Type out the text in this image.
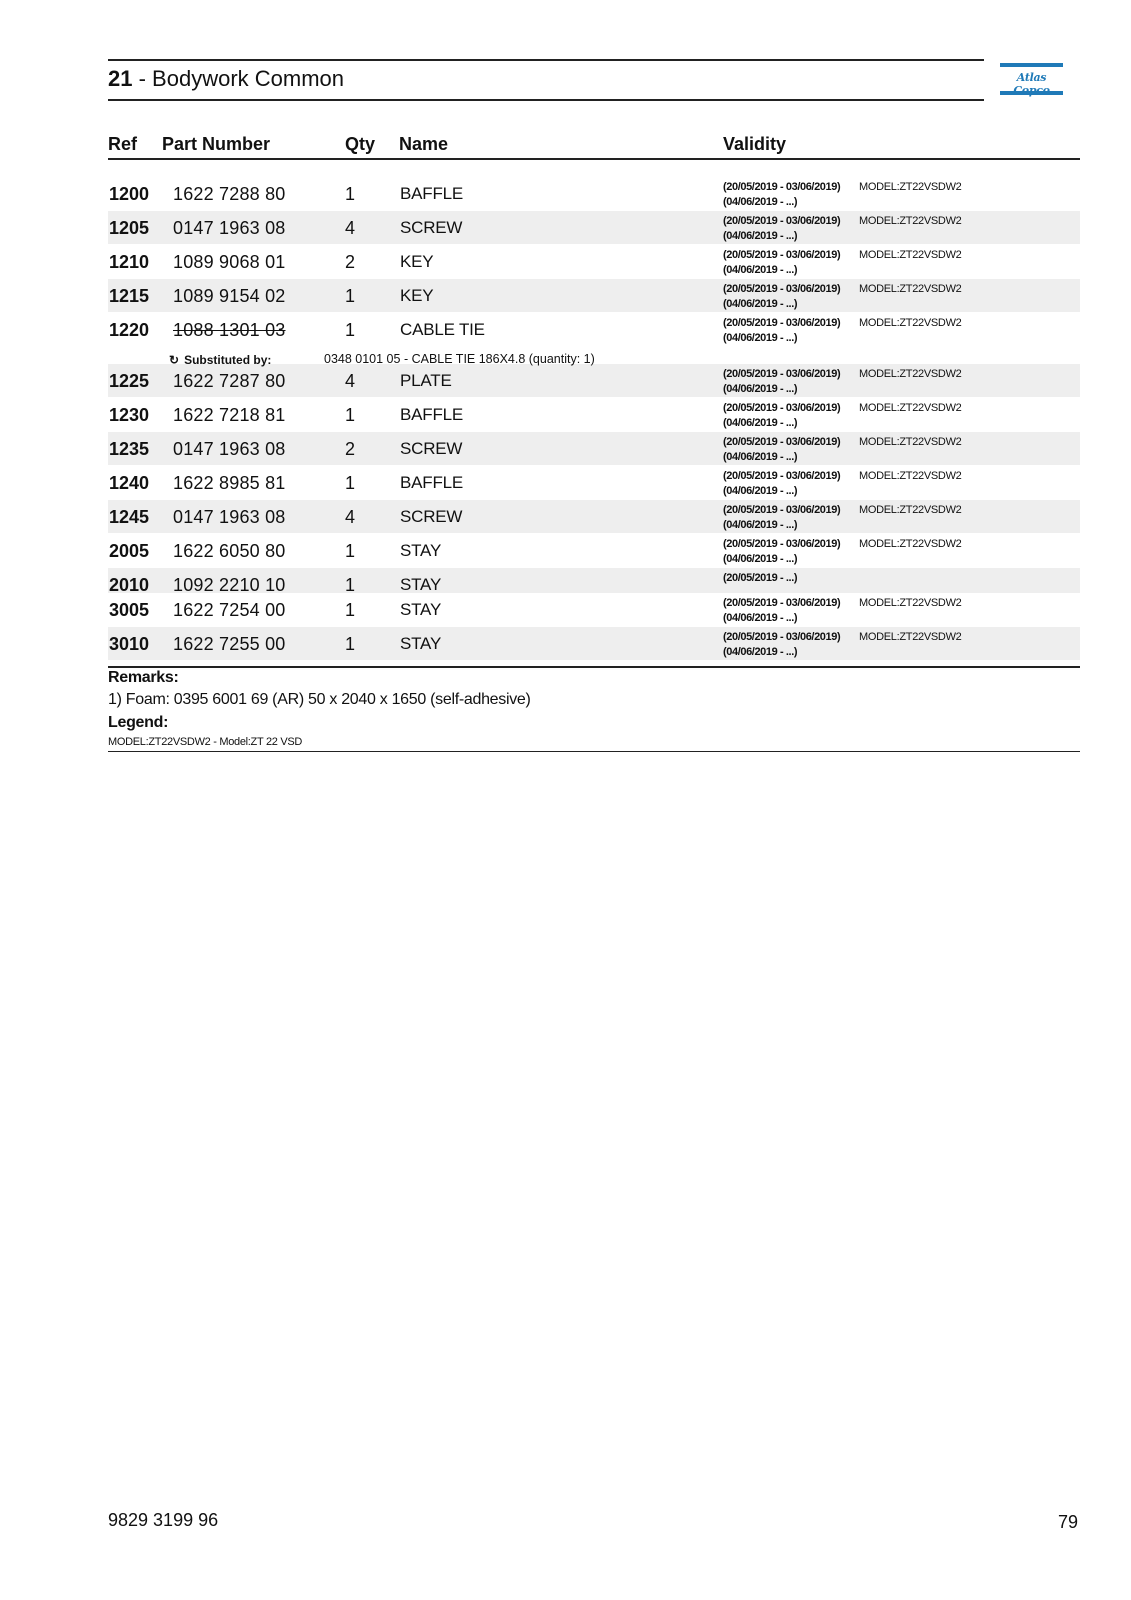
21 - Bodywork Common	Atlas
Ref Part Number	Qty Name	Validity
1200 1622 7288 80	1	BAFFLE	(20/05/2019 - 03/06/2019) MODEL:ZT22VSDW2
(04/06/2019 - ...)
1205 0147 1963 08	4	SCREW	(20/05/2019 - 03/06/2019) MODEL:ZT22VSDW2
(04/06/2019 - ...)
1210 1089 9068 01	2	KEY	(20/05/2019 - 03/06/2019) MODEL:ZT22VSDW2
(04/06/2019 - ...)
1215 1089 9154 02	1	KEY	(20/05/2019 - 03/06/2019) MODEL:ZT22VSDW2
(04/06/2019 - ...)
1220 1088 1301 03	1	CABLE TIE	(20/05/2019 - 03/06/2019) MODEL:ZT22VSDW2
(04/06/2019 - ...)
1225 1622 7287 80	4	PLATE	(20/05/2019 - 03/06/2019) MODEL:ZT22VSDW2
(04/06/2019 - ...)
1230 1622 7218 81	1	BAFFLE	(20/05/2019 - 03/06/2019) MODEL:ZT22VSDW2
(04/06/2019 - ...)
1235 0147 1963 08	2	SCREW	(20/05/2019 - 03/06/2019) MODEL:ZT22VSDW2
(04/06/2019 - ...)
1240 1622 8985 81	1	BAFFLE	(20/05/2019 - 03/06/2019) MODEL:ZT22VSDW2
(04/06/2019 - ...)
1245 0147 1963 08	4	SCREW	(20/05/2019 - 03/06/2019) MODEL:ZT22VSDW2
(04/06/2019 - ...)
2005 1622 6050 80	1	STAY	(20/05/2019 - 03/06/2019) MODEL:ZT22VSDW2
(04/06/2019 - ...)
2010 1092 2210 10	1	STAY	(20/05/2019 - ...)
3005 1622 7254 00	1	STAY	(20/05/2019 - 03/06/2019) MODEL:ZT22VSDW2
(04/06/2019 - ...)
3010 1622 7255 00	1	STAY	(20/05/2019 - 03/06/2019) MODEL:ZT22VSDW2
(04/06/2019 - ...)
↻ Substituted by:	0348 0101 05 - CABLE TIE 186X4.8 (quantity: 1)
Remarks:
1) Foam: 0395 6001 69 (AR) 50 x 2040 x 1650 (self-adhesive)
Legend:
MODEL:ZT22VSDW2 - Model:ZT 22 VSD
9829 3199 96	79
